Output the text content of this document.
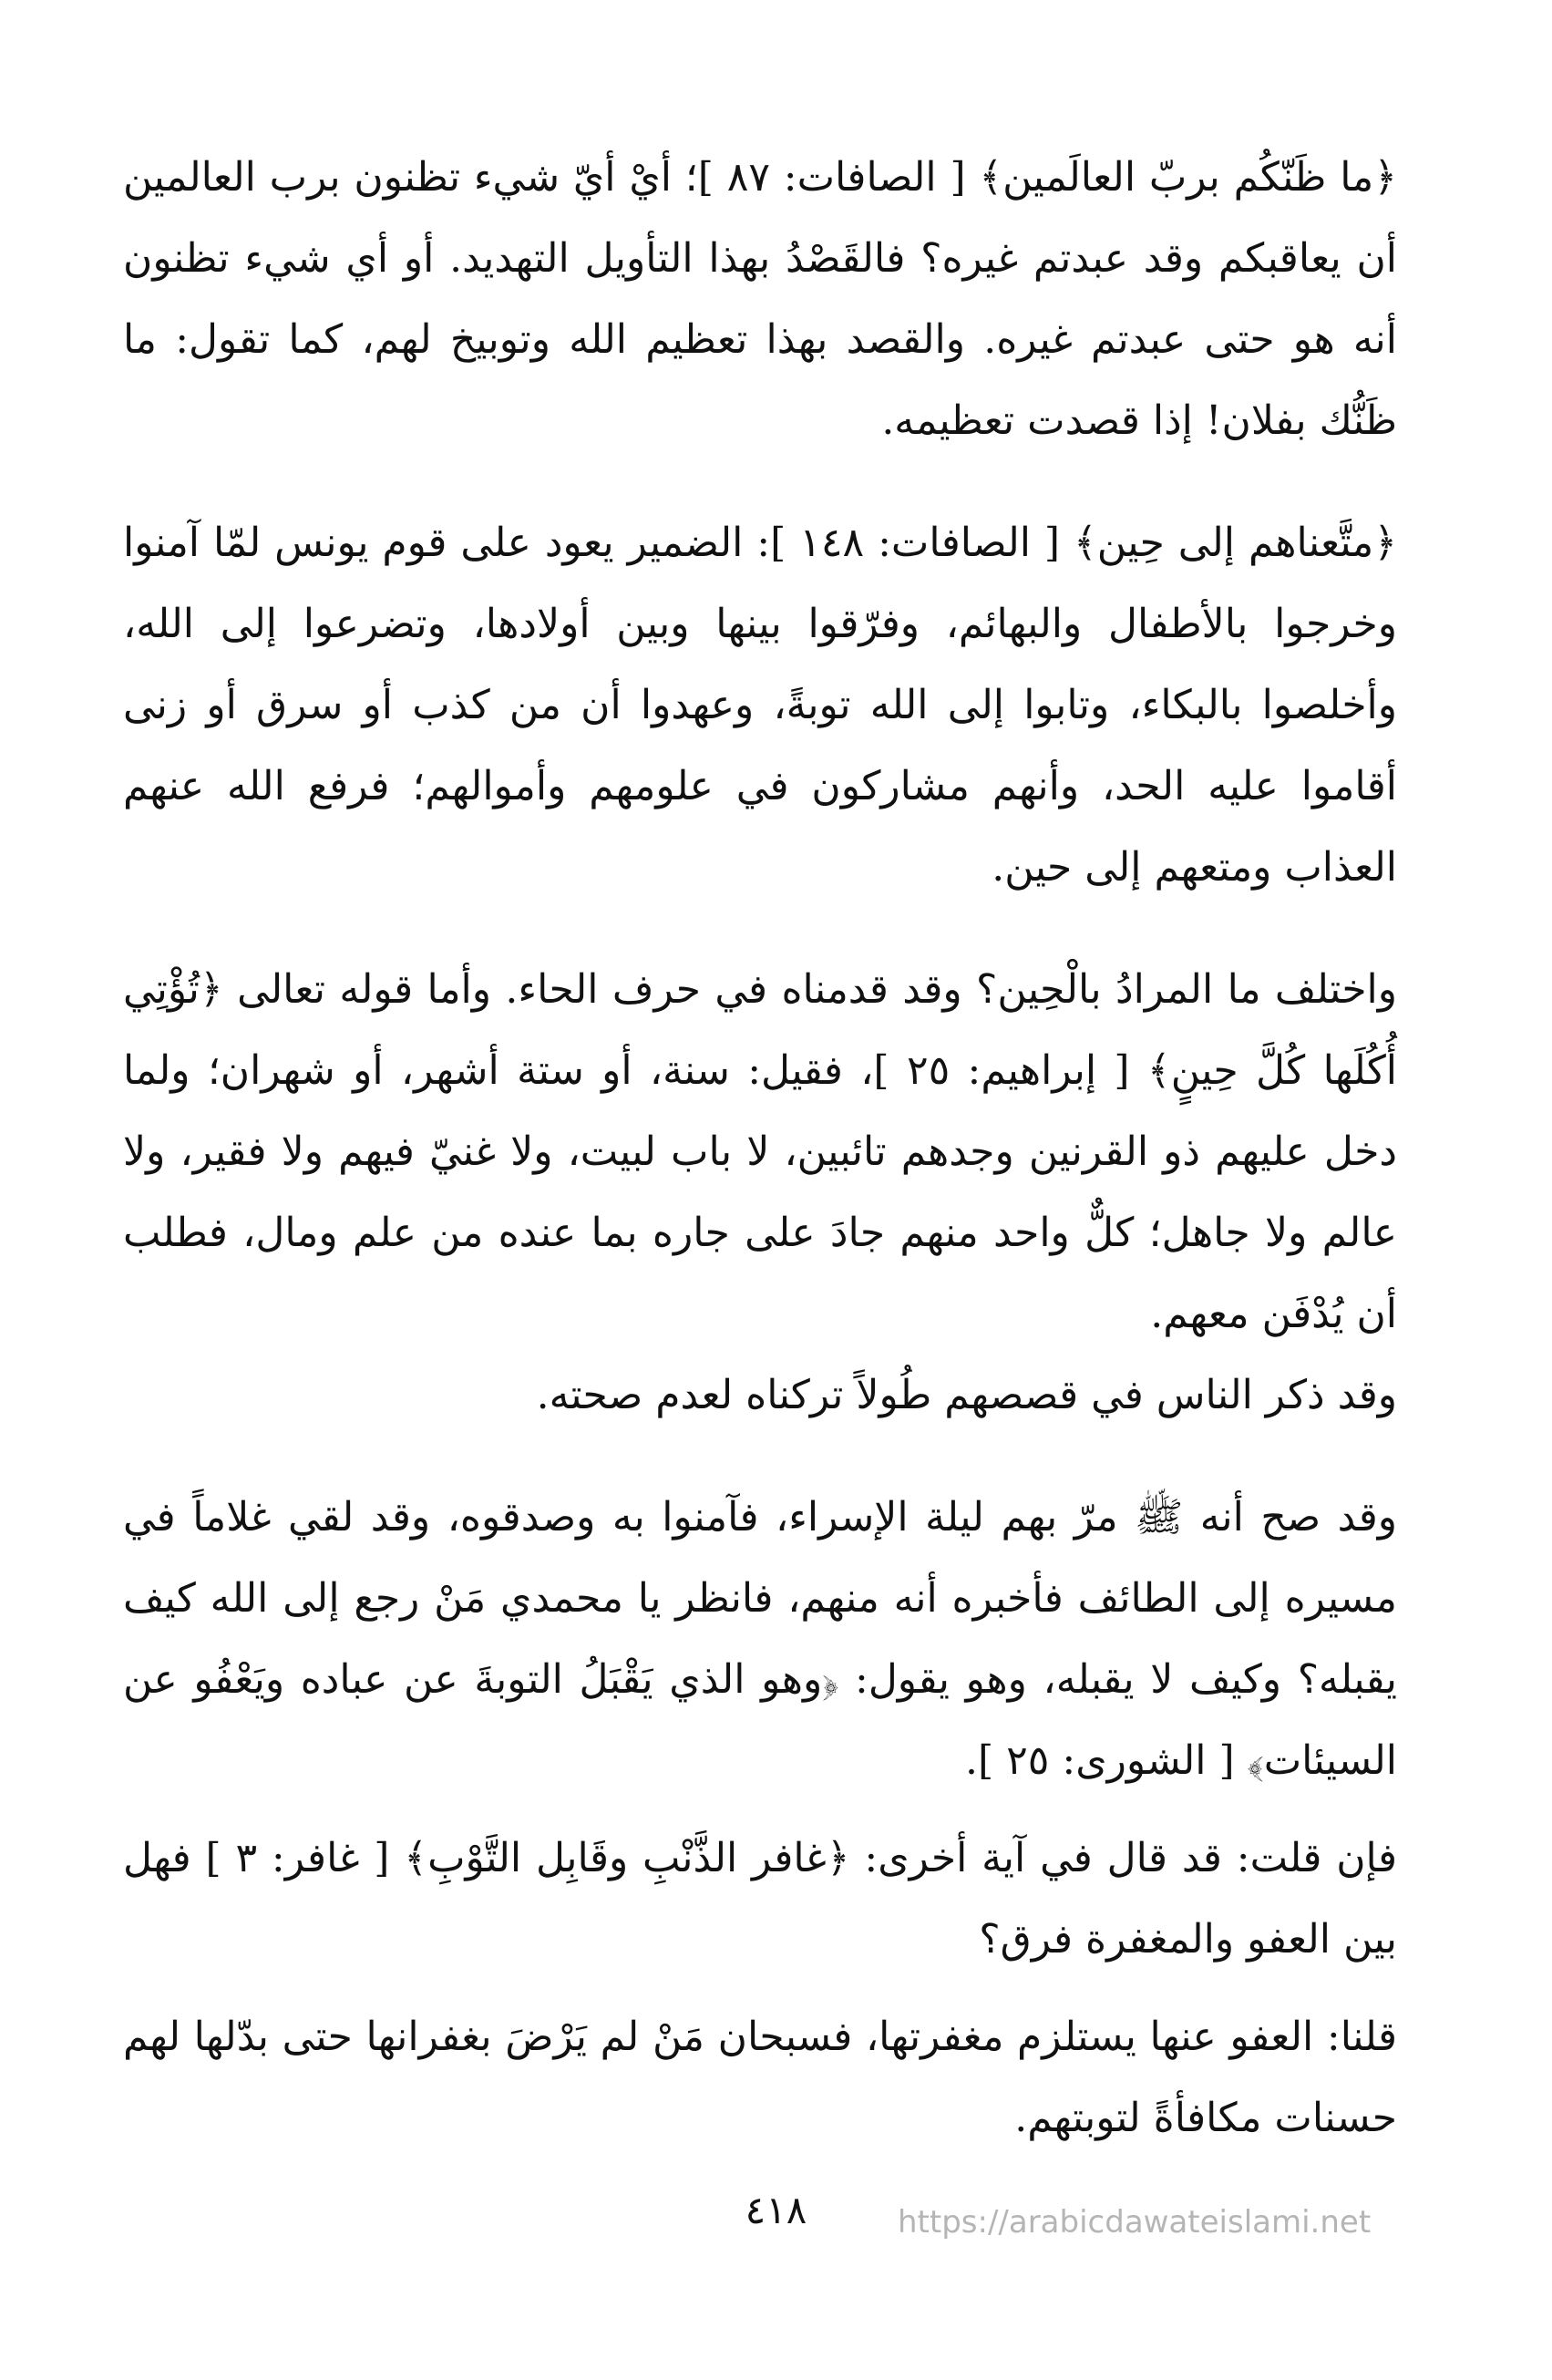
﴿ما ظَنّكُم بربّ العالَمين﴾ [ الصافات: ٨٧ ]؛ أيْ أيّ شيء تظنون برب العالمين أن يعاقبكم وقد عبدتم غيره؟ فالقَصْدُ بهذا التأويل التهديد. أو أي شيء تظنون أنه هو حتى عبدتم غيره. والقصد بهذا تعظيم الله وتوبيخ لهم، كما تقول: ما ظَنُّك بفلان! إذا قصدت تعظيمه.

﴿متَّعناهم إلى حِين﴾ [ الصافات: ١٤٨ ]: الضمير يعود على قوم يونس لمّا آمنوا وخرجوا بالأطفال والبهائم، وفرّقوا بينها وبين أولادها، وتضرعوا إلى الله، وأخلصوا بالبكاء، وتابوا إلى الله توبةً، وعهدوا أن من كذب أو سرق أو زنى أقاموا عليه الحد، وأنهم مشاركون في علومهم وأموالهم؛ فرفع الله عنهم العذاب ومتعهم إلى حين.

واختلف ما المرادُ بالْحِين؟ وقد قدمناه في حرف الحاء. وأما قوله تعالى ﴿تُؤْتِي أُكُلَها كُلَّ حِينٍ﴾ [ إبراهيم: ٢٥ ]، فقيل: سنة، أو ستة أشهر، أو شهران؛ ولما دخل عليهم ذو القرنين وجدهم تائبين، لا باب لبيت، ولا غنيّ فيهم ولا فقير، ولا عالم ولا جاهل؛ كلٌّ واحد منهم جادَ على جاره بما عنده من علم ومال، فطلب أن يُدْفَن معهم.

وقد ذكر الناس في قصصهم طُولاً تركناه لعدم صحته.

وقد صح أنه ﷺ مرّ بهم ليلة الإسراء، فآمنوا به وصدقوه، وقد لقي غلاماً في مسيره إلى الطائف فأخبره أنه منهم، فانظر يا محمدي مَنْ رجع إلى الله كيف يقبله؟ وكيف لا يقبله، وهو يقول: ﴿وهو الذي يَقْبَلُ التوبةَ عن عباده ويَعْفُو عن السيئات﴾ [ الشورى: ٢٥ ].

فإن قلت: قد قال في آية أخرى: ﴿غافر الذَّنْبِ وقَابِل التَّوْبِ﴾ [ غافر: ٣ ] فهل بين العفو والمغفرة فرق؟

قلنا: العفو عنها يستلزم مغفرتها، فسبحان مَنْ لم يَرْضَ بغفرانها حتى بدّلها لهم حسنات مكافأةً لتوبتهم.

٤١٨	https://arabicdawateislami.net
